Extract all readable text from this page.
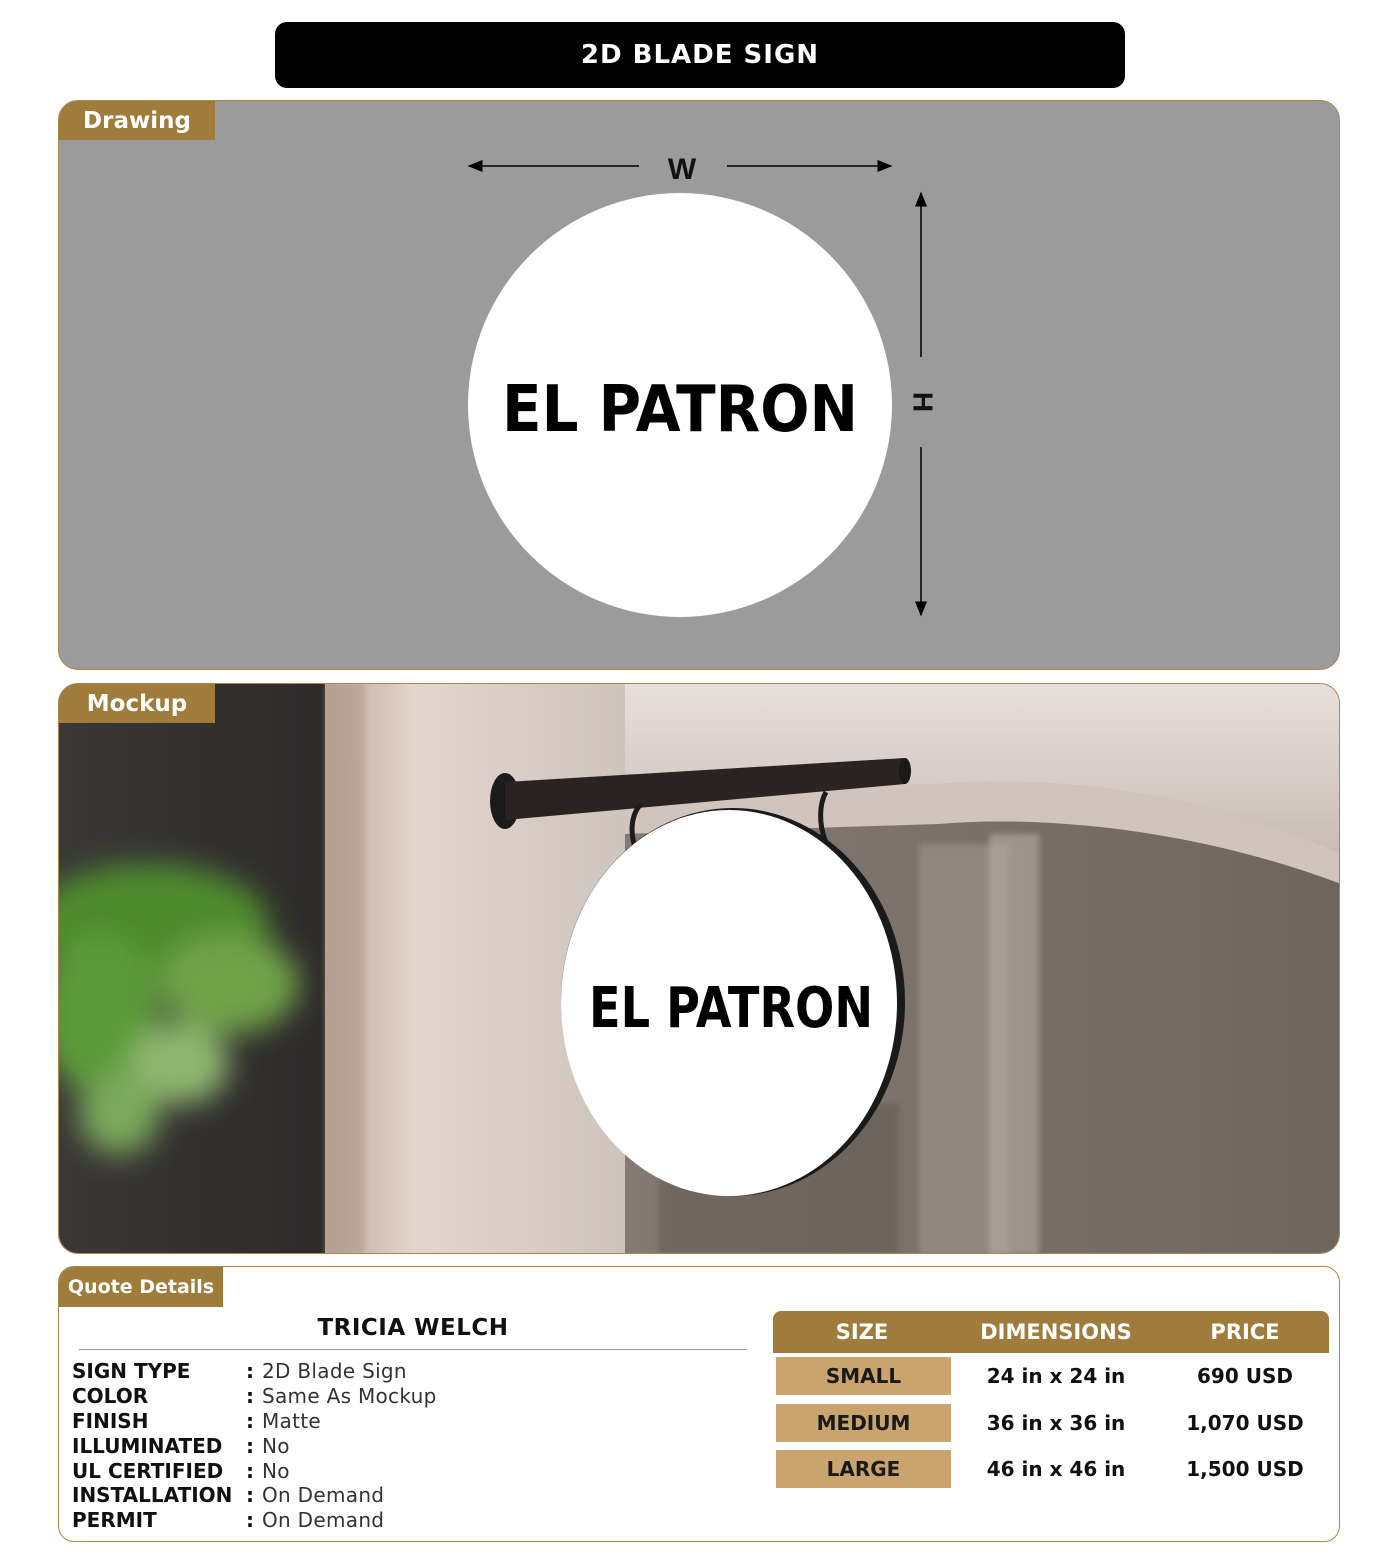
2D BLADE SIGN
Drawing
W
H
EL PATRON
Mockup
EL PATRON
Quote Details
TRICIA WELCH
SIGN TYPE	: 2D Blade Sign
COLOR	: Same As Mockup
FINISH	: Matte
ILLUMINATED	: No
UL CERTIFIED	: No
INSTALLATION : On Demand
PERMIT	: On Demand
SIZE	DIMENSIONS	PRICE
SMALL	24 in x 24 in	690 USD
MEDIUM	36 in x 36 in	1,070 USD
LARGE	46 in x 46 in	1,500 USD
